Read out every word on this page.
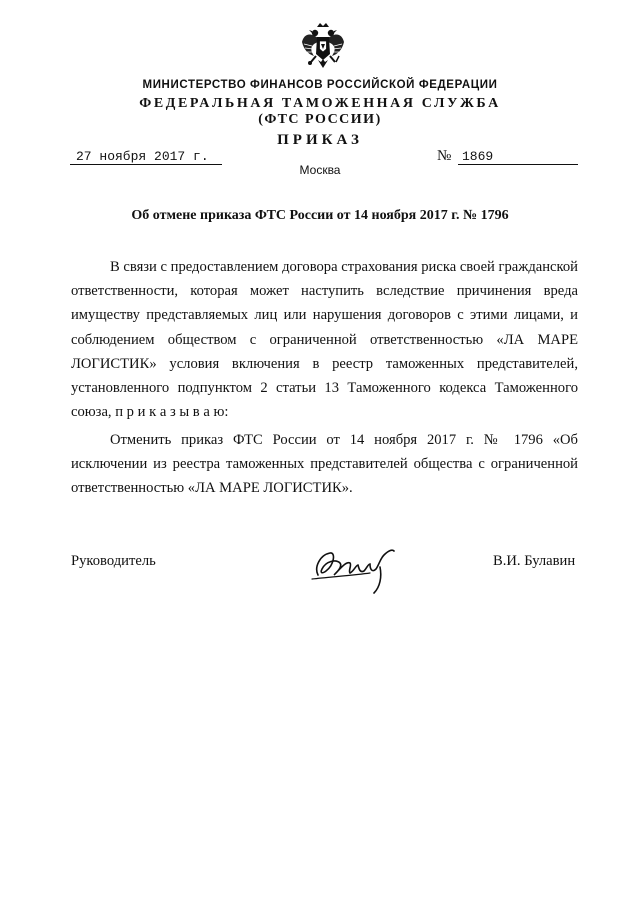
МИНИСТЕРСТВО ФИНАНСОВ РОССИЙСКОЙ ФЕДЕРАЦИИ
ФЕДЕРАЛЬНАЯ ТАМОЖЕННАЯ СЛУЖБА
(ФТС РОССИИ)
ПРИКАЗ
27 ноября 2017 г.	№ 1869
Москва
Об отмене приказа ФТС России от 14 ноября 2017 г. № 1796
В связи с предоставлением договора страхования риска своей гражданской ответственности, которая может наступить вследствие причинения вреда имуществу представляемых лиц или нарушения договоров с этими лицами, и соблюдением обществом с ограниченной ответственностью «ЛА МАРЕ ЛОГИСТИК» условия включения в реестр таможенных представителей, установленного подпунктом 2 статьи 13 Таможенного кодекса Таможенного союза, п р и к а з ы в а ю:
Отменить приказ ФТС России от 14 ноября 2017 г. № 1796 «Об исключении из реестра таможенных представителей общества с ограниченной ответственностью «ЛА МАРЕ ЛОГИСТИК».
Руководитель	В.И. Булавин
